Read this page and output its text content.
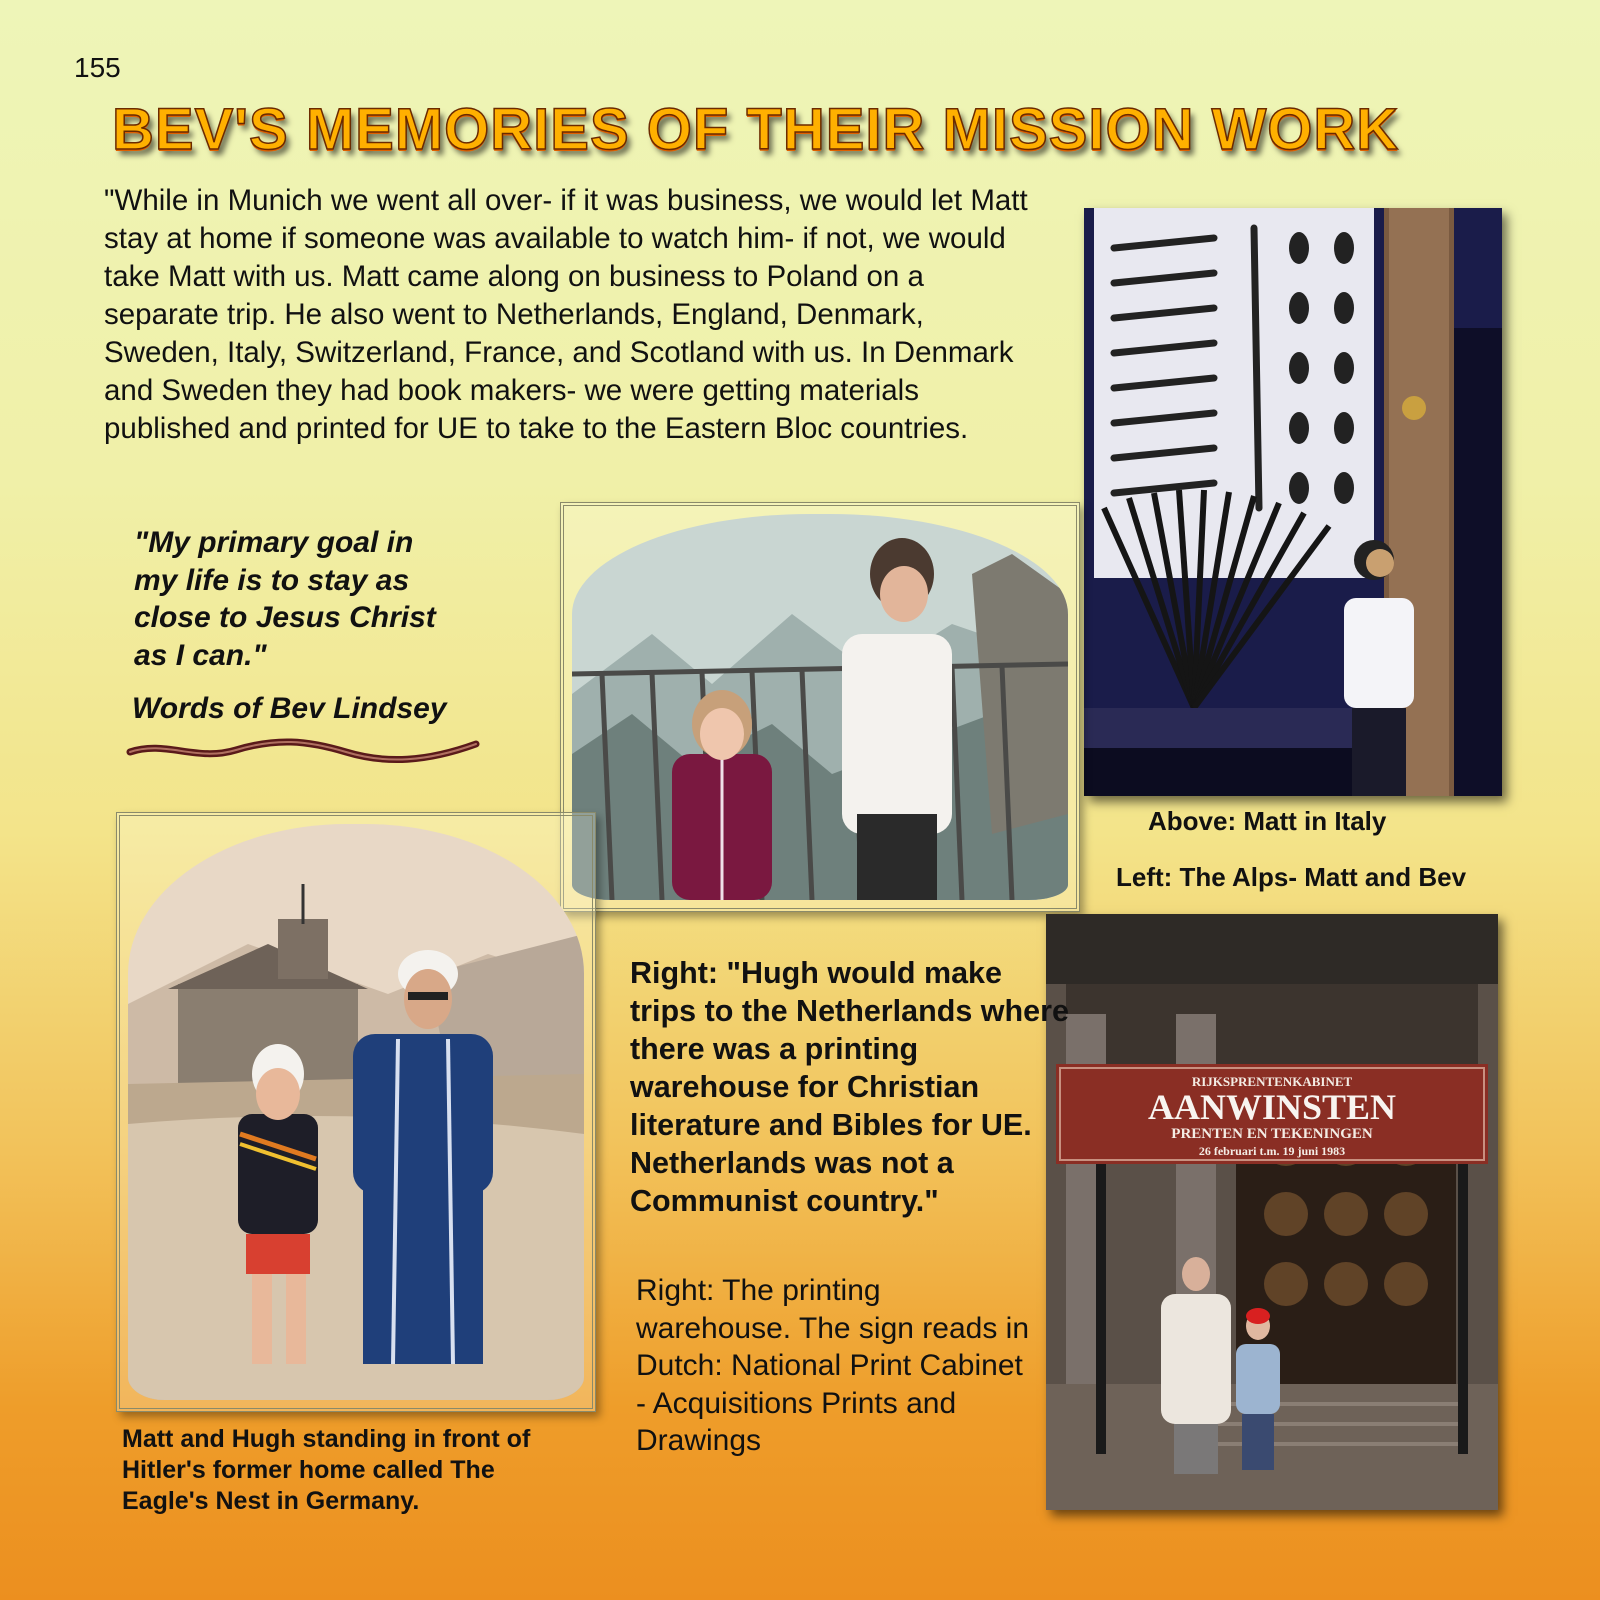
155
BEV'S MEMORIES OF THEIR MISSION WORK
"While in Munich we went all over- if it was business, we would let Matt stay at home if someone was available to watch him- if not, we would take Matt with us. Matt came along on business to Poland on a separate trip. He also went to Netherlands, England, Denmark, Sweden, Italy, Switzerland, France, and Scotland with us. In Denmark and Sweden they had book makers- we were getting materials published and printed for UE to take to the Eastern Bloc countries.
"My primary goal in my life is to stay as close to Jesus Christ as I can."
Words of Bev Lindsey
RIJKSPRENTENKABINET
AANWINSTEN
PRENTEN EN TEKENINGEN
26 februari t.m. 19 juni 1983
Above: Matt in Italy
Left: The Alps- Matt and Bev
Right: "Hugh would make trips to the Netherlands where there was a printing warehouse for Christian literature and Bibles for UE. Netherlands was not a Communist country."
Right: The printing warehouse. The sign reads in Dutch: National Print Cabinet - Acquisitions Prints and Drawings
Matt and Hugh standing in front of Hitler's former home called The Eagle's Nest in Germany.
